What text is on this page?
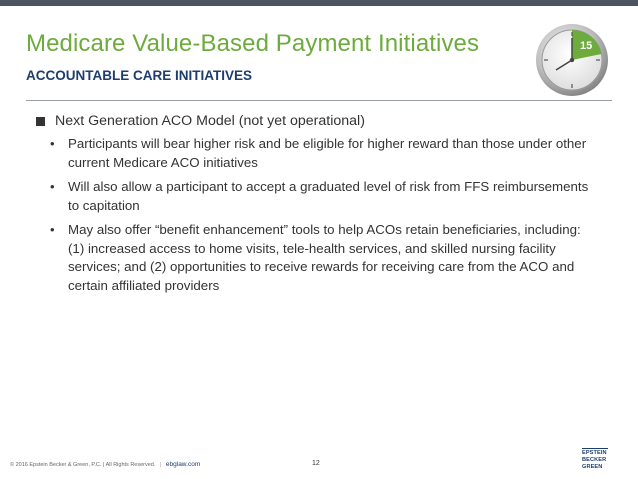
Medicare Value-Based Payment Initiatives
ACCOUNTABLE CARE INITIATIVES
15
Next Generation ACO Model (not yet operational)
•	Participants will bear higher risk and be eligible for higher reward than those under other current Medicare ACO initiatives
•	Will also allow a participant to accept a graduated level of risk from FFS reimbursements to capitation
•	May also offer “benefit enhancement” tools to help ACOs retain beneficiaries, including: (1) increased access to home visits, tele-health services, and skilled nursing facility services; and (2) opportunities to receive rewards for receiving care from the ACO and certain affiliated providers
© 2016 Epstein Becker & Green, P.C. | All Rights Reserved. | ebglaw.com	12
EPSTEIN
BECKER
GREEN
